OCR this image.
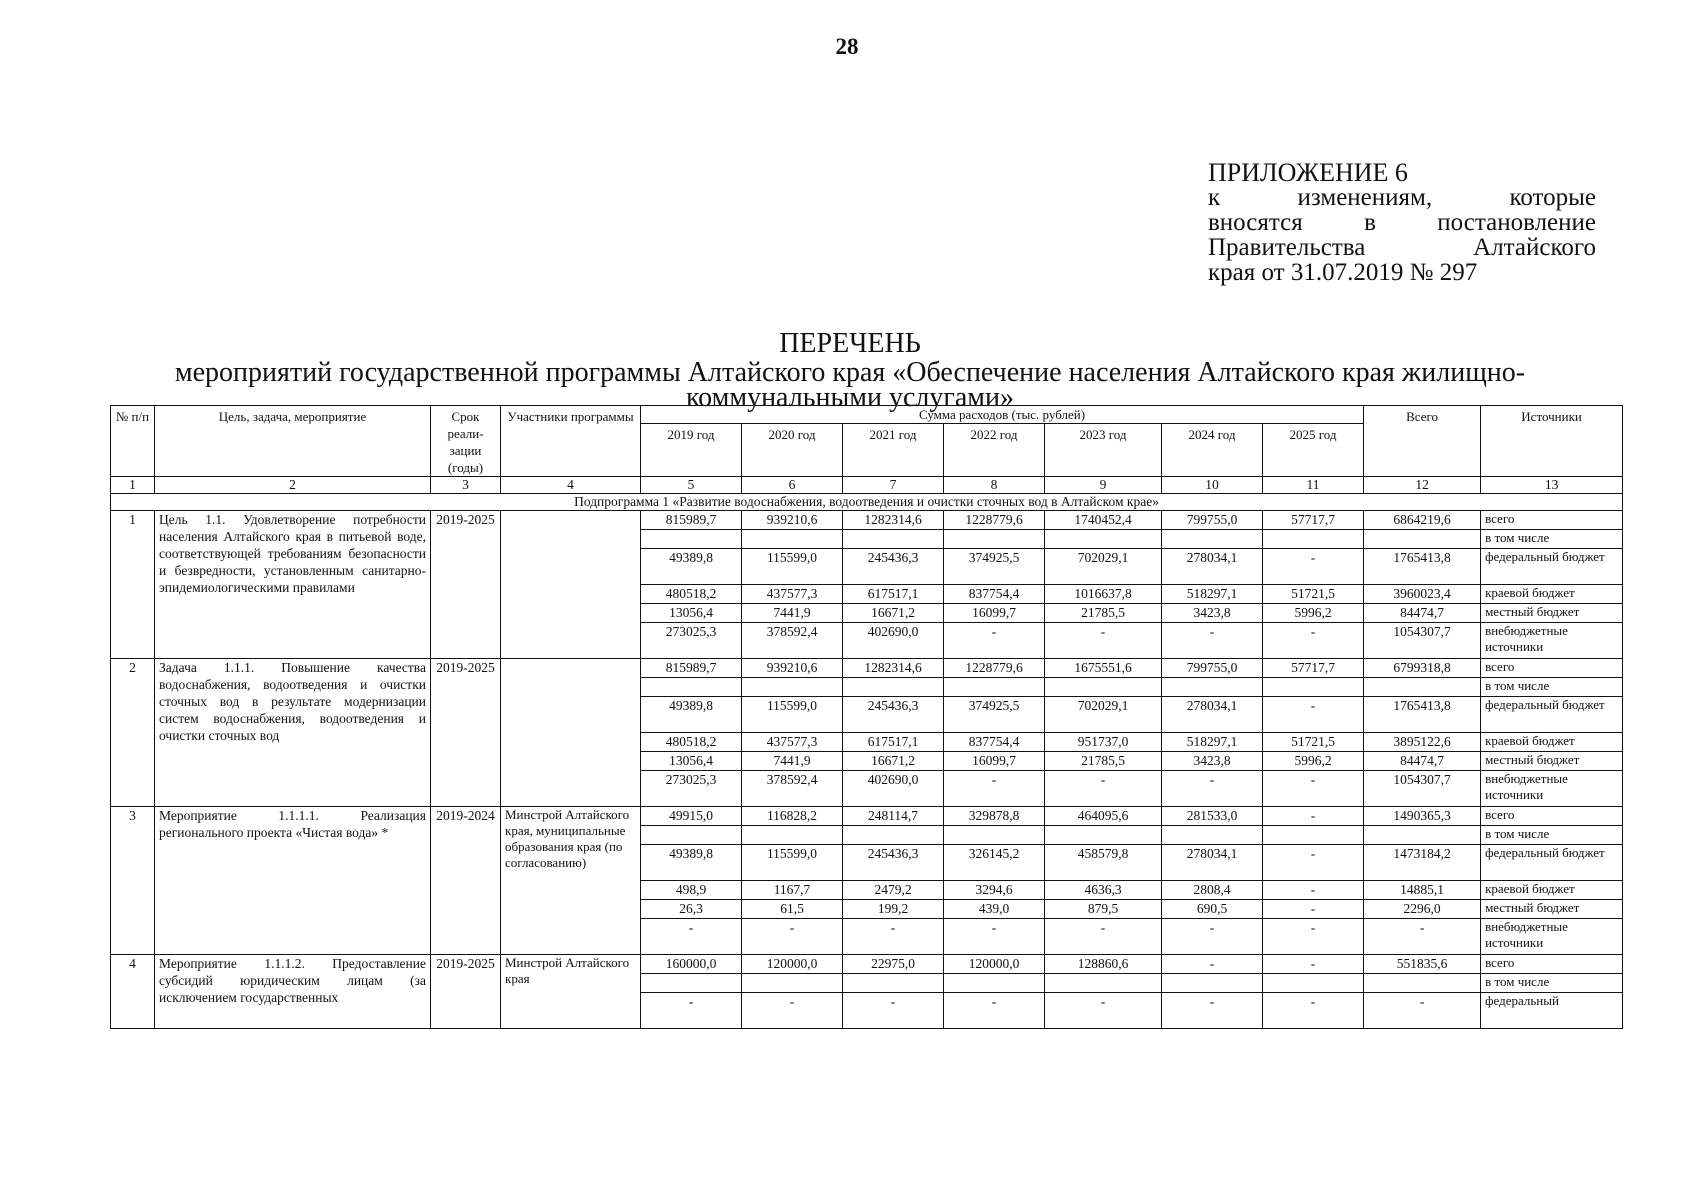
28
ПРИЛОЖЕНИЕ 6
к изменениям, которые
вносятся в постановление
Правительства Алтайского
края от 31.07.2019 № 297
ПЕРЕЧЕНЬ
мероприятий государственной программы Алтайского края «Обеспечение населения Алтайского края жилищно-коммунальными услугами»
№ п/п	Цель, задача, мероприятие	Срок реали-зации (годы)	Участники программы	Сумма расходов (тыс. рублей)							Всего	Источники
				2019 год	2020 год	2021 год	2022 год	2023 год	2024 год	2025 год		
1	2	3	4	5	6	7	8	9	10	11	12	13
Подпрограмма 1 «Развитие водоснабжения, водоотведения и очистки сточных вод в Алтайском крае»												
1	Цель 1.1. Удовлетворение потребности населения Алтайского края в питьевой воде, соответствующей требованиям безопасности и безвредности, установленным санитарно-эпидемиологическими правилами	2019-2025		815989,7	939210,6	1282314,6	1228779,6	1740452,4	799755,0	57717,7	6864219,6	всего
												в том числе
				49389,8	115599,0	245436,3	374925,5	702029,1	278034,1	-	1765413,8	федеральный бюджет
				480518,2	437577,3	617517,1	837754,4	1016637,8	518297,1	51721,5	3960023,4	краевой бюджет
				13056,4	7441,9	16671,2	16099,7	21785,5	3423,8	5996,2	84474,7	местный бюджет
				273025,3	378592,4	402690,0	-	-	-	-	1054307,7	внебюджетные источники
2	Задача 1.1.1. Повышение качества водоснабжения, водоотведения и очистки сточных вод в результате модернизации систем водоснабжения, водоотведения и очистки сточных вод	2019-2025		815989,7	939210,6	1282314,6	1228779,6	1675551,6	799755,0	57717,7	6799318,8	всего
												в том числе
				49389,8	115599,0	245436,3	374925,5	702029,1	278034,1	-	1765413,8	федеральный бюджет
				480518,2	437577,3	617517,1	837754,4	951737,0	518297,1	51721,5	3895122,6	краевой бюджет
				13056,4	7441,9	16671,2	16099,7	21785,5	3423,8	5996,2	84474,7	местный бюджет
				273025,3	378592,4	402690,0	-	-	-	-	1054307,7	внебюджетные источники
3	Мероприятие 1.1.1.1. Реализация регионального проекта «Чистая вода» *	2019-2024	Минстрой Алтайского края, муниципальные образования края (по согласованию)	49915,0	116828,2	248114,7	329878,8	464095,6	281533,0	-	1490365,3	всего
												в том числе
				49389,8	115599,0	245436,3	326145,2	458579,8	278034,1	-	1473184,2	федеральный бюджет
				498,9	1167,7	2479,2	3294,6	4636,3	2808,4	-	14885,1	краевой бюджет
				26,3	61,5	199,2	439,0	879,5	690,5	-	2296,0	местный бюджет
				-	-	-	-	-	-	-	-	внебюджетные источники
4	Мероприятие 1.1.1.2. Предоставление субсидий юридическим лицам (за исключением государственных	2019-2025	Минстрой Алтайского края	160000,0	120000,0	22975,0	120000,0	128860,6	-	-	551835,6	всего
												в том числе
				-	-	-	-	-	-	-	-	федеральный
